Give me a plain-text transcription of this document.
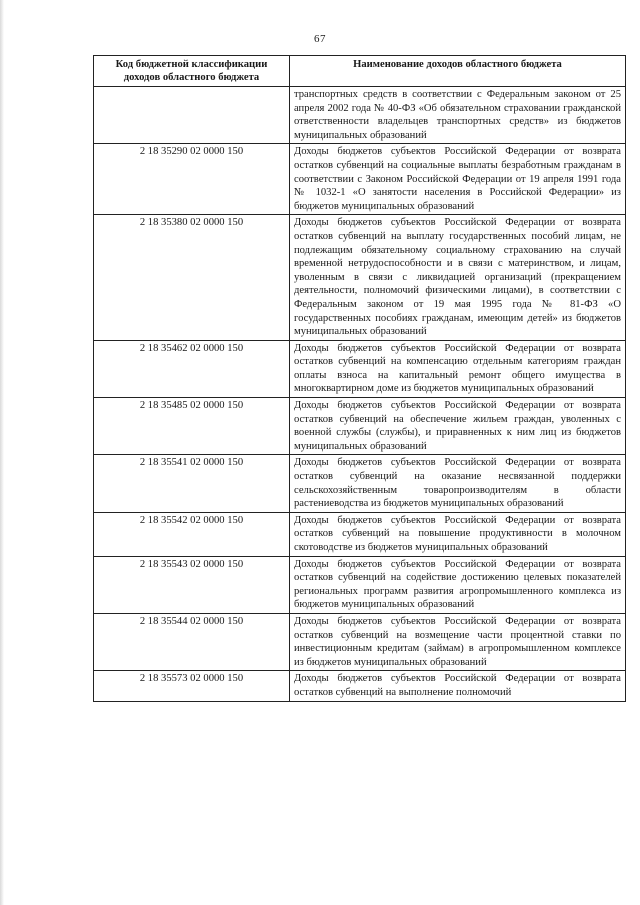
67
Код бюджетной классификации доходов областного бюджета	Наименование доходов областного бюджета
	транспортных средств в соответствии с Федеральным законом от 25 апреля 2002 года № 40-ФЗ «Об обязательном страховании гражданской ответственности владельцев транспортных средств» из бюджетов муниципальных образований
2 18 35290 02 0000 150	Доходы бюджетов субъектов Российской Федерации от возврата остатков субвенций на социальные выплаты безработным гражданам в соответствии с Законом Российской Федерации от 19 апреля 1991 года № 1032-1 «О занятости населения в Российской Федерации» из бюджетов муниципальных образований
2 18 35380 02 0000 150	Доходы бюджетов субъектов Российской Федерации от возврата остатков субвенций на выплату государственных пособий лицам, не подлежащим обязательному социальному страхованию на случай временной нетрудоспособности и в связи с материнством, и лицам, уволенным в связи с ликвидацией организаций (прекращением деятельности, полномочий физическими лицами), в соответствии с Федеральным законом от 19 мая 1995 года № 81-ФЗ «О государственных пособиях гражданам, имеющим детей» из бюджетов муниципальных образований
2 18 35462 02 0000 150	Доходы бюджетов субъектов Российской Федерации от возврата остатков субвенций на компенсацию отдельным категориям граждан оплаты взноса на капитальный ремонт общего имущества в многоквартирном доме из бюджетов муниципальных образований
2 18 35485 02 0000 150	Доходы бюджетов субъектов Российской Федерации от возврата остатков субвенций на обеспечение жильем граждан, уволенных с военной службы (службы), и приравненных к ним лиц из бюджетов муниципальных образований
2 18 35541 02 0000 150	Доходы бюджетов субъектов Российской Федерации от возврата остатков субвенций на оказание несвязанной поддержки сельскохозяйственным товаропроизводителям в области растениеводства из бюджетов муниципальных образований
2 18 35542 02 0000 150	Доходы бюджетов субъектов Российской Федерации от возврата остатков субвенций на повышение продуктивности в молочном скотоводстве из бюджетов муниципальных образований
2 18 35543 02 0000 150	Доходы бюджетов субъектов Российской Федерации от возврата остатков субвенций на содействие достижению целевых показателей региональных программ развития агропромышленного комплекса из бюджетов муниципальных образований
2 18 35544 02 0000 150	Доходы бюджетов субъектов Российской Федерации от возврата остатков субвенций на возмещение части процентной ставки по инвестиционным кредитам (займам) в агропромышленном комплексе из бюджетов муниципальных образований
2 18 35573 02 0000 150	Доходы бюджетов субъектов Российской Федерации от возврата остатков субвенций на выполнение полномочий
